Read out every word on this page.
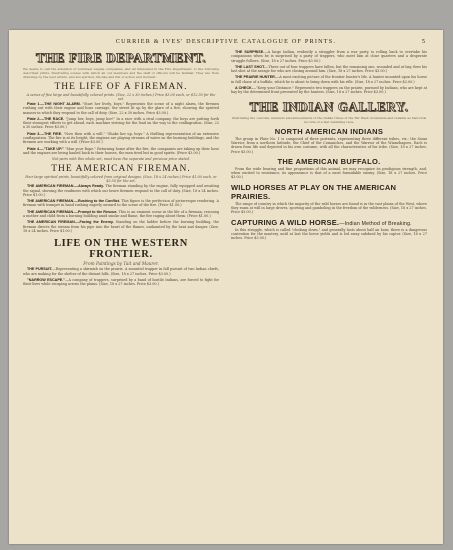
CURRIER & IVES' DESCRIPTIVE CATALOGUE OF PRINTS.	5
THE FIRE DEPARTMENT.
We desire to call the attention of volunteer engine companies, and all interested in the Fire Department, to the following described prints, illustrating scenes with which all our members and the staff of officers will be familiar. They are from drawings by the best artists, and are spirited, life-like and full of action and incident.
THE LIFE OF A FIREMAN.
A series of five large and beautifully colored prints. (Size, 22 x 30 inches.) Price $3.00 each, or $12.50 for the set.

Plate 1.—THE NIGHT ALARM. "Start her lively, boys." Represents the scene of a night alarm, the firemen rushing out with their engine and hose carriage, the street lit up by the glare of a fire, showing the spirited manner in which they respond to the call of duty. (Size, 22 x 30 inches. Price $3.00.)

Plate 2.—THE RACE. "Jump her, boys, jump her!" In a race with a rival company, the boys are putting forth their strongest efforts to get ahead, each machine striving for the lead on the way to the conflagration. (Size, 22 x 30 inches. Price $3.00.)

Plate 3.—THE FIRE. "Now then with a will." "Shake her up, boys." A thrilling representation of an extensive conflagration. The fire is at its height, the engines are playing streams of water on the burning buildings, and the firemen are working with a will. (Price $3.00.)

Plate 4.—"TAKE UP." "Man your Rope." Returning home after the fire, the companies are taking up their hose and the engines are being hauled back to their houses, the men tired but in good spirits. (Price $3.00.)

Not pairs with this whole set, must have the separate and previous price stated.
THE AMERICAN FIREMAN.
Four large spirited prints, beautifully colored from original designs. (Size, 18 x 24 inches.) Price $1.00 each, or $3.50 for the set.

THE AMERICAN FIREMAN.—Always Ready. The fireman standing by the engine, fully equipped and awaiting the signal, showing the readiness with which our brave firemen respond to the call of duty. (Size, 18 x 24 inches. Price $1.00.)

THE AMERICAN FIREMAN.—Rushing to the Conflict. This figure is the perfection of picturesque rendering. A fireman with trumpet in hand rushing eagerly onward to the scene of the fire. (Price $1.00.)

THE AMERICAN FIREMAN.—Prompt to the Rescue. This is an eminent scene in the life of a fireman, rescuing a mother and child from a burning building amid smoke and flame, the fire raging about them. (Price $1.00.)

THE AMERICAN FIREMAN.—Facing the Enemy. Standing on the ladder before the burning building, the fireman directs the stream from his pipe into the heart of the flames, undaunted by the heat and danger. (Size, 18 x 24 inches. Price $1.00.)

LIFE ON THE WESTERN FRONTIER.
From Paintings by Tait and Maurer.

THE PURSUIT.—Representing a skirmish on the prairie. A mounted trapper in full pursuit of two Indian chiefs, who are making for the shelter of the distant hills. (Size, 18 x 27 inches. Price $3.00.)

"NARROW ESCAPE."—A company of trappers, surprised by a band of hostile Indians, are forced to fight for their lives while escaping across the plains. (Size, 18 x 27 inches. Price $3.00.)

THE SURPRISE.—A large Indian, evidently a straggler from a war party, is rolling back to overtake his companions when he is surprised by a party of trappers, who meet him at close quarters and a desperate struggle follows. (Size, 18 x 27 inches. Price $3.00.)

THE LAST SHOT.—Three out of four trappers have fallen, but the remaining one, wounded and at bay, fires his last shot at the savage foe who are closing around him. (Size, 18 x 27 inches. Price $3.00.)

THE PRAIRIE HUNTER.—A most exciting picture of the frontier hunter's life. A hunter mounted upon his horse in full chase of a buffalo, which he is about to bring down with his rifle. (Size, 18 x 27 inches. Price $3.00.)

A CHECK.—"Keep your Distance." Represents two trappers on the prairie, pursued by Indians, who are kept at bay by the determined front presented by the hunters. (Size, 18 x 27 inches. Price $3.00.)

THE INDIAN GALLERY.
Illustrating the customs, manners and amusements of the Indian tribes of the Far West; invaluable and reliable as historical records of a fast vanishing race.
NORTH AMERICAN INDIANS

The group in Plate No. 1 is composed of three portraits, representing three different tribes, viz.: the Sioux Warrior, from a northern latitude, the Chief of the Comanches, and the Warrior of the Winnebagoes. Each is drawn from life and depicted in his own costume, with all the characteristics of his tribe. (Size, 18 x 27 inches. Price $3.00.)

THE AMERICAN BUFFALO.

From the wide bearing and fine proportions of this animal, we may recognize its prodigious strength, and, when excited to resistance, its appearance is that of a most formidable enemy. (Size, 18 x 27 inches. Price $3.00.)

WILD HORSES AT PLAY ON THE AMERICAN PRAIRIES.

The range of country in which the majority of the wild horses are found is in the vast plains of the West, where they roam at will in large droves, sporting and gamboling in the freedom of the wilderness. (Size, 18 x 27 inches. Price $3.00.)

CAPTURING A WILD HORSE.—Indian Method of Breaking.

In this struggle, which is called "choking down," and generally lasts about half an hour, there is a dangerous contention for the mastery, until at last the horse yields and is led away subdued by his captor. (Size, 18 x 27 inches. Price $3.00.)
